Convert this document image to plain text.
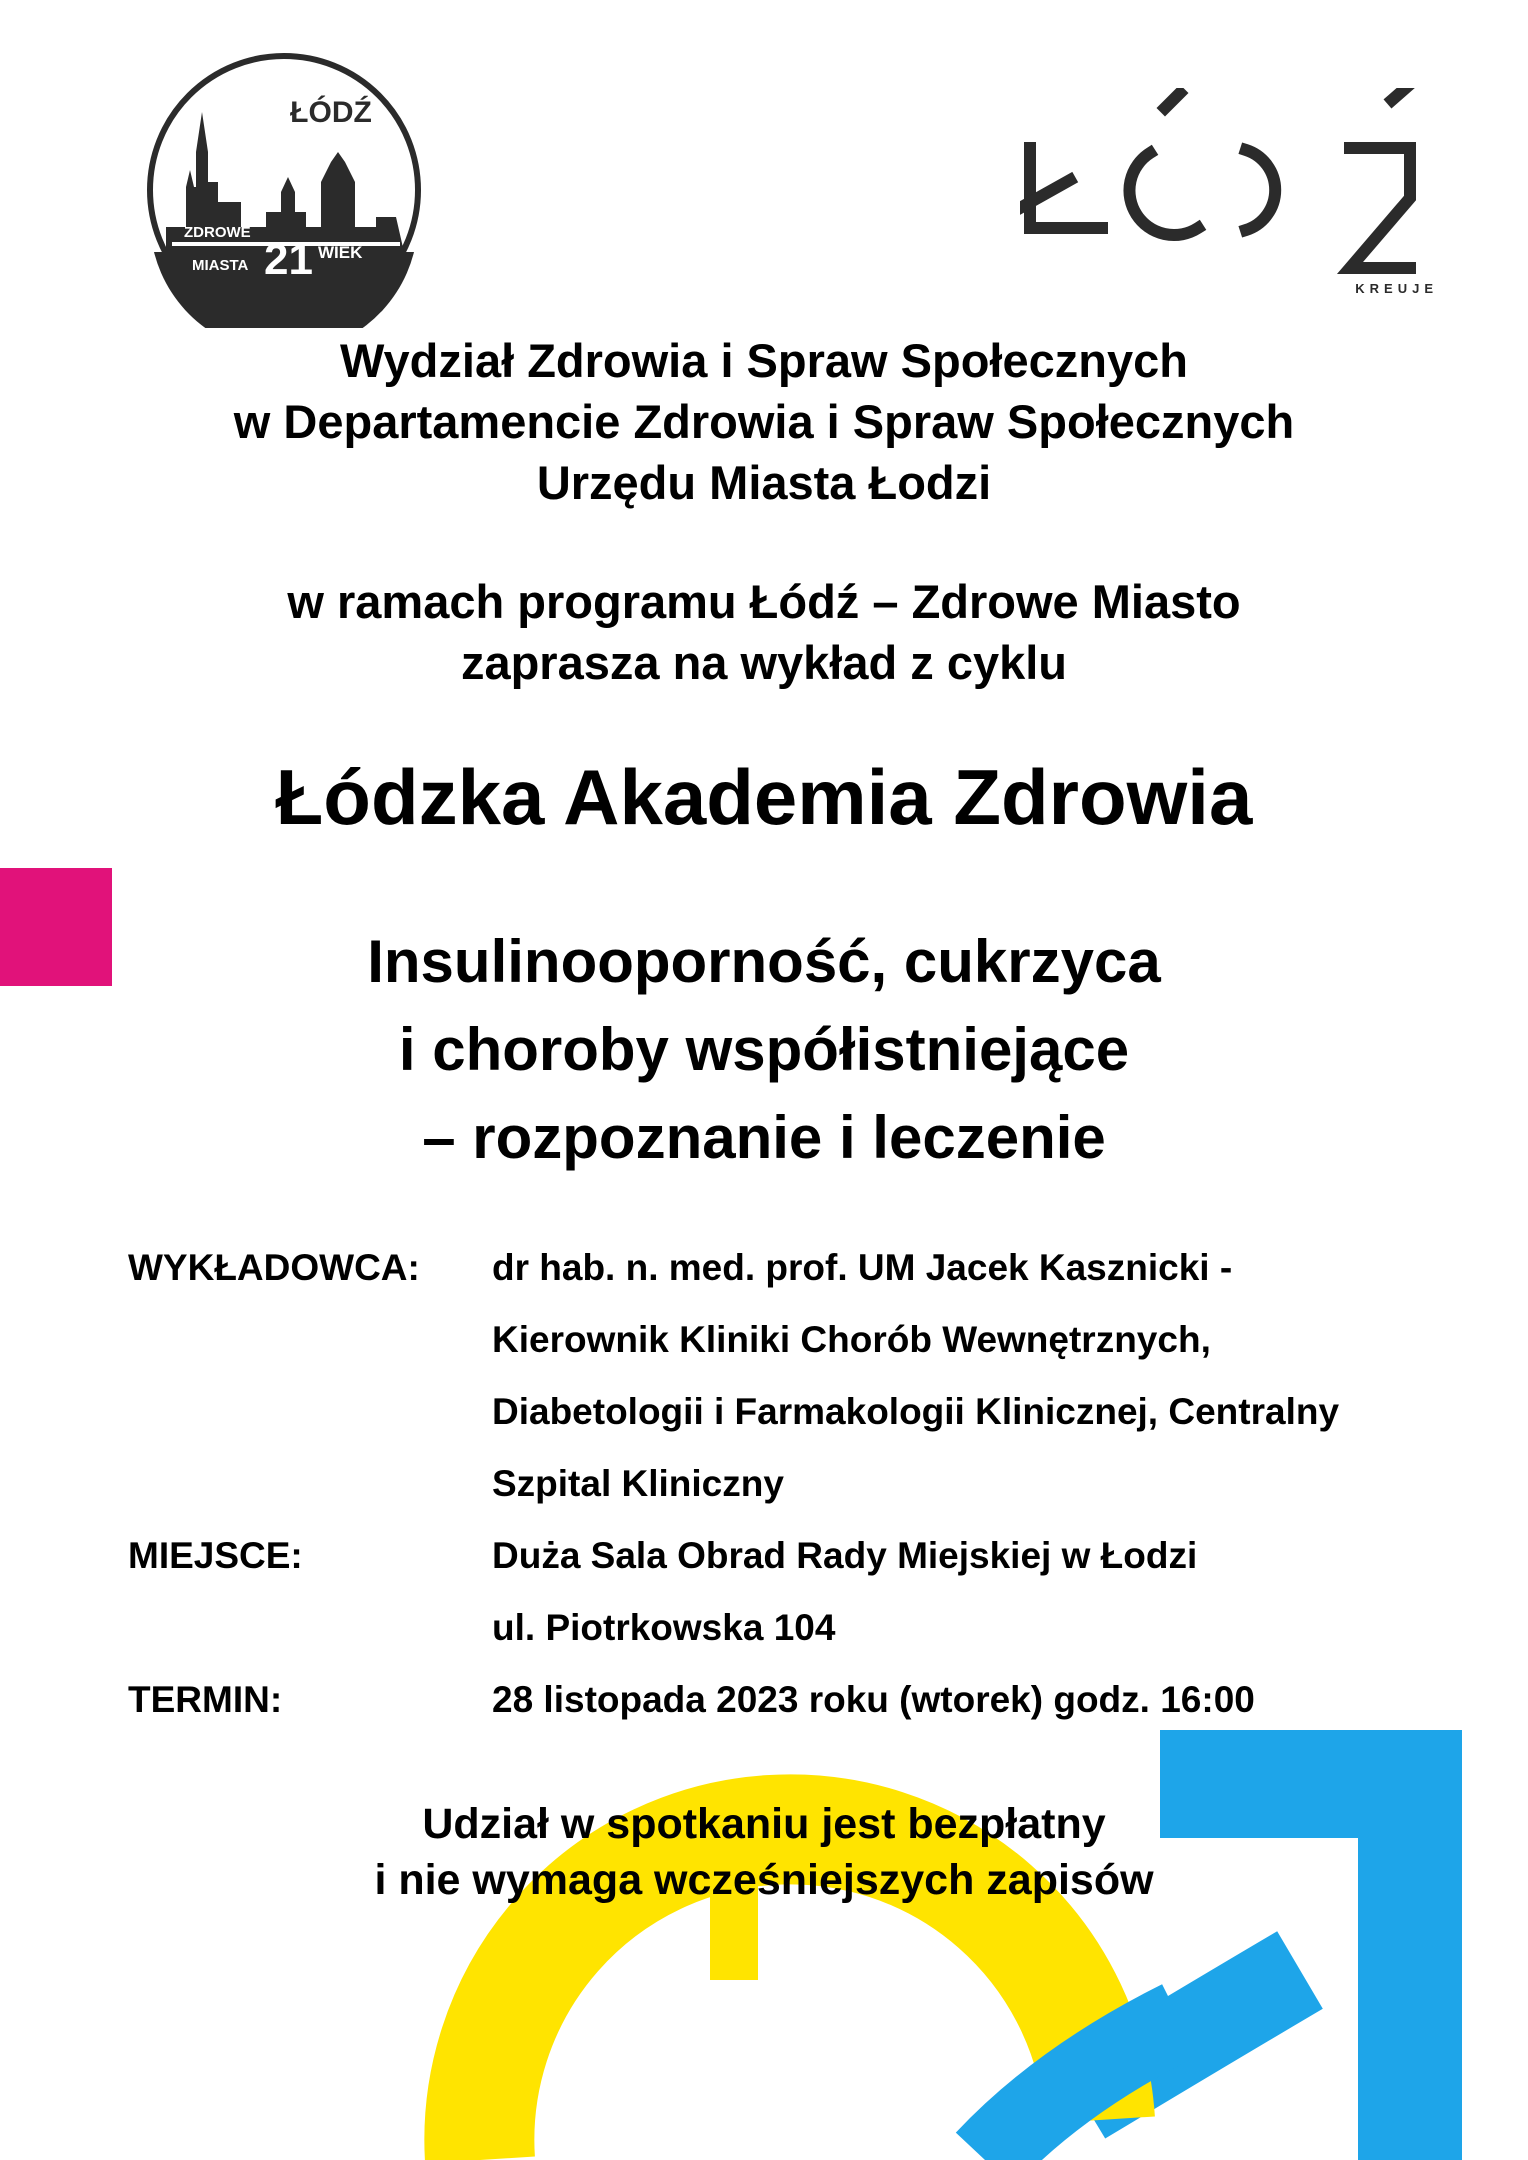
ŁÓDŹ
ZDROWE
MIASTA 21 WIEK
KREUJE
Wydział Zdrowia i Spraw Społecznych
w Departamencie Zdrowia i Spraw Społecznych
Urzędu Miasta Łodzi
w ramach programu Łódź – Zdrowe Miasto
zaprasza na wykład z cyklu
Łódzka Akademia Zdrowia
Insulinooporność, cukrzyca
i choroby współistniejące
– rozpoznanie i leczenie
WYKŁADOWCA: dr hab. n. med. prof. UM Jacek Kasznicki -
Kierownik Kliniki Chorób Wewnętrznych,
Diabetologii i Farmakologii Klinicznej, Centralny
Szpital Kliniczny
MIEJSCE:	Duża Sala Obrad Rady Miejskiej w Łodzi
ul. Piotrkowska 104
TERMIN:	28 listopada 2023 roku (wtorek) godz. 16:00
Udział w spotkaniu jest bezpłatny
i nie wymaga wcześniejszych zapisów
